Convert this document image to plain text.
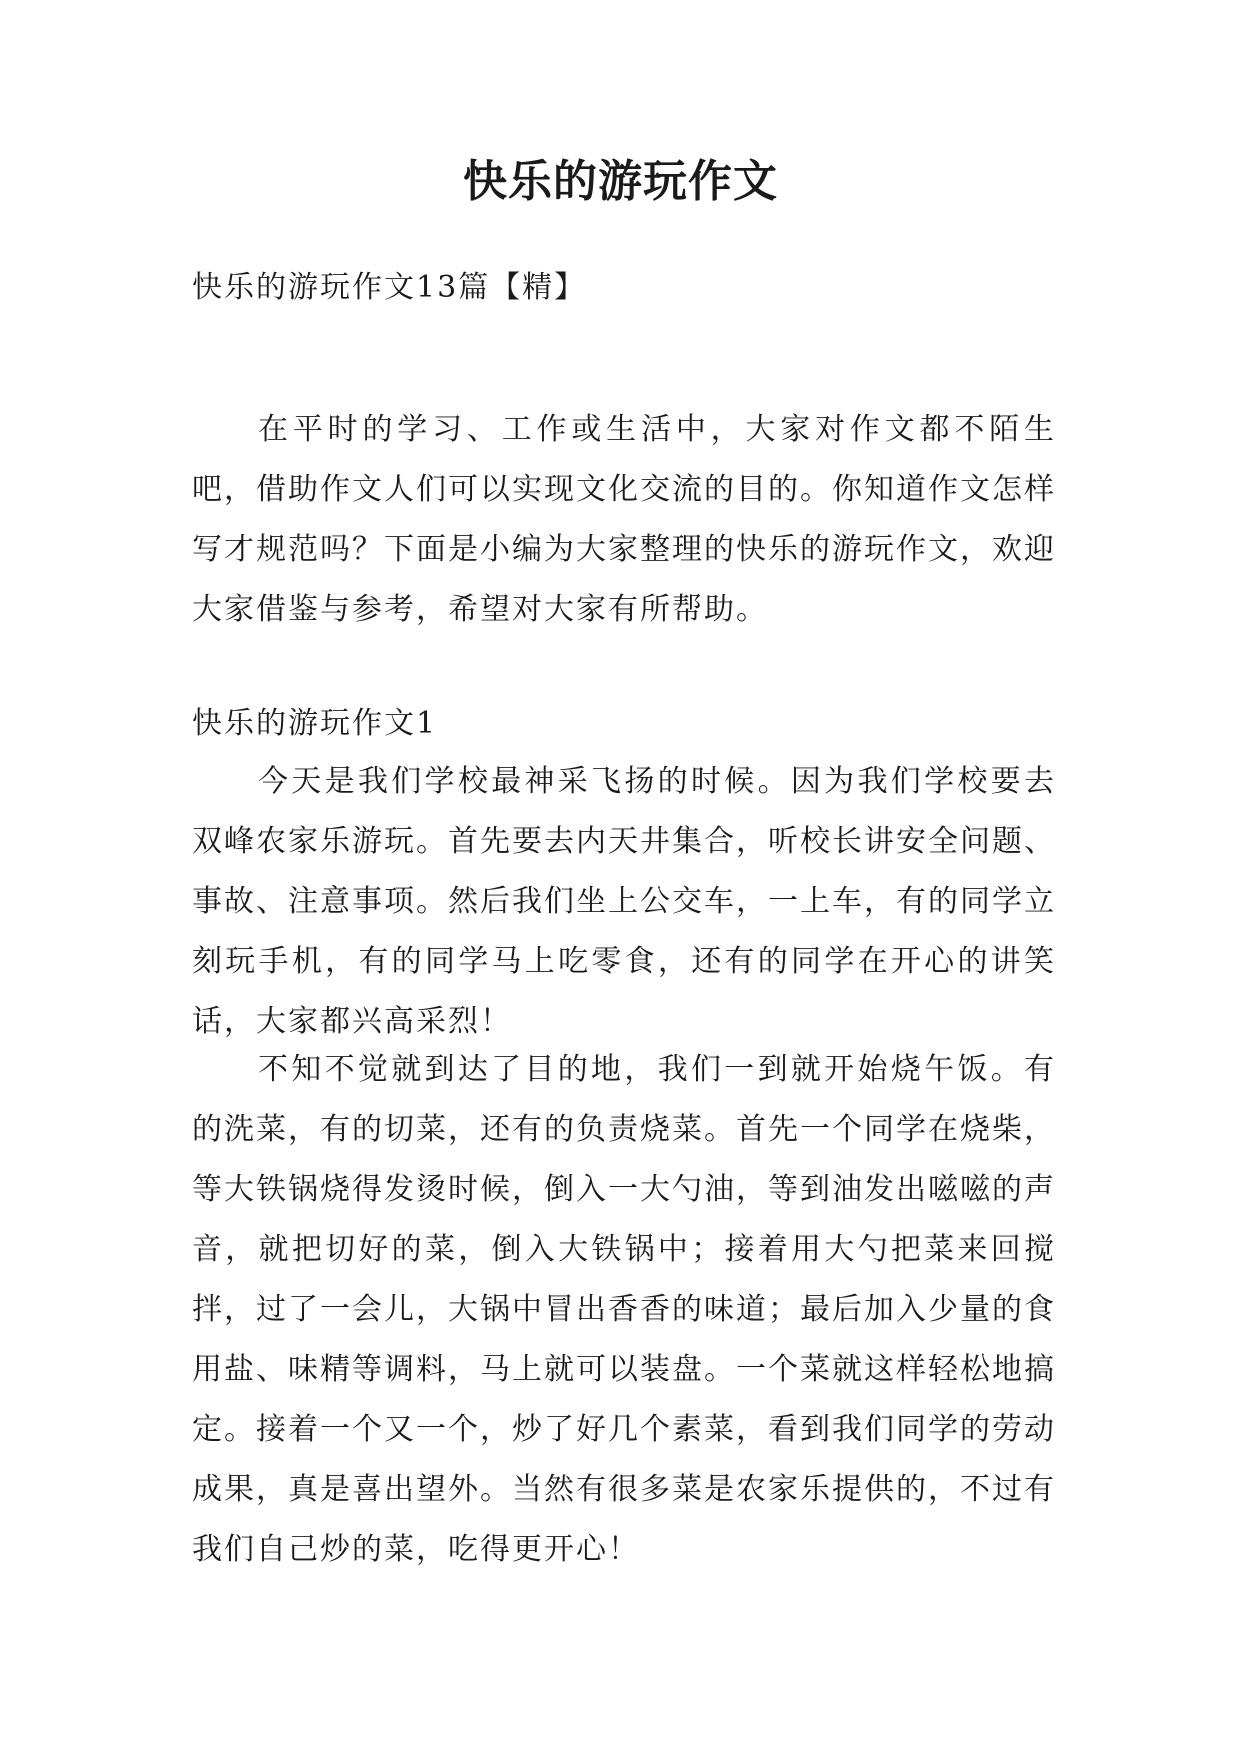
快乐的游玩作文

快乐的游玩作文13篇【精】

在平时的学习、工作或生活中，大家对作文都不陌生吧，借助作文人们可以实现文化交流的目的。你知道作文怎样写才规范吗？下面是小编为大家整理的快乐的游玩作文，欢迎大家借鉴与参考，希望对大家有所帮助。

快乐的游玩作文1

今天是我们学校最神采飞扬的时候。因为我们学校要去双峰农家乐游玩。首先要去内天井集合，听校长讲安全问题、事故、注意事项。然后我们坐上公交车，一上车，有的同学立刻玩手机，有的同学马上吃零食，还有的同学在开心的讲笑话，大家都兴高采烈！

不知不觉就到达了目的地，我们一到就开始烧午饭。有的洗菜，有的切菜，还有的负责烧菜。首先一个同学在烧柴，等大铁锅烧得发烫时候，倒入一大勺油，等到油发出嗞嗞的声音，就把切好的菜，倒入大铁锅中；接着用大勺把菜来回搅拌，过了一会儿，大锅中冒出香香的味道；最后加入少量的食用盐、味精等调料，马上就可以装盘。一个菜就这样轻松地搞定。接着一个又一个，炒了好几个素菜，看到我们同学的劳动成果，真是喜出望外。当然有很多菜是农家乐提供的，不过有我们自己炒的菜，吃得更开心！
